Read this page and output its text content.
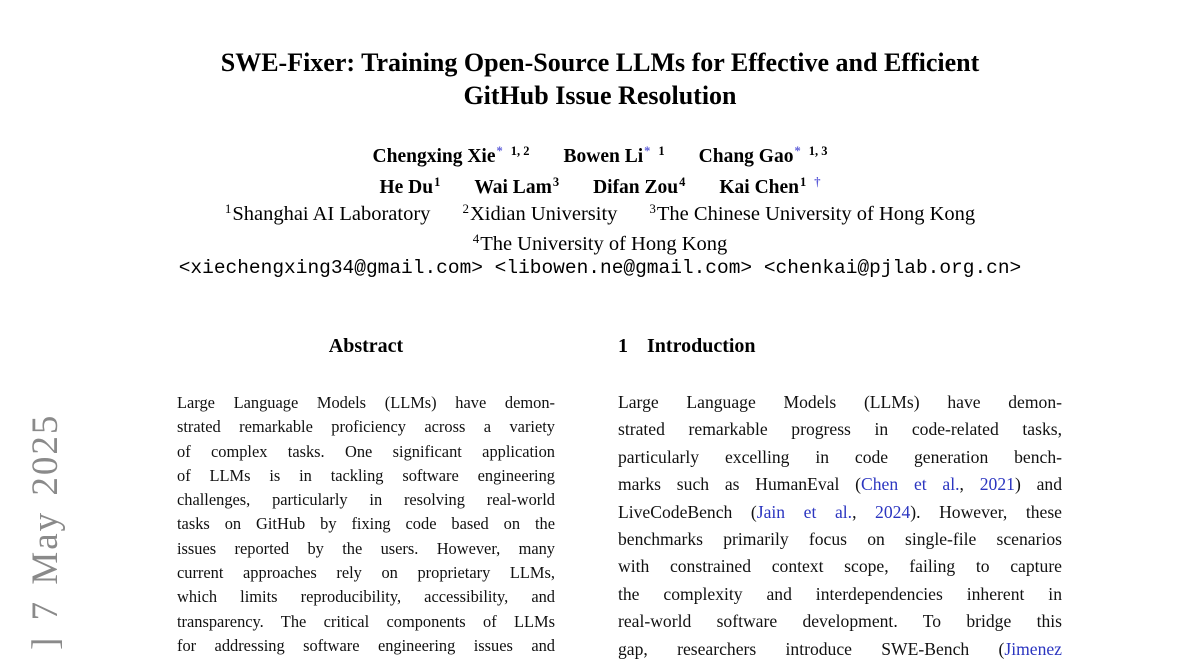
] 7 May 2025
SWE-Fixer: Training Open-Source LLMs for Effective and Efficient
GitHub Issue Resolution
Chengxing Xie* $^{1, 2}$ Bowen Li* $^1$ Chang Gao* $^{1, 3}$
He Du$^1$ Wai Lam$^3$ Difan Zou$^4$ Kai Chen$^1$ †
$^1$Shanghai AI Laboratory $^2$Xidian University $^3$The Chinese University of Hong Kong
$^4$The University of Hong Kong
<xiechengxing34@gmail.com> <libowen.ne@gmail.com> <chenkai@pjlab.org.cn>
Abstract
Large Language Models (LLMs) have demon-
strated remarkable proficiency across a variety
of complex tasks. One significant application
of LLMs is in tackling software engineering
challenges, particularly in resolving real-world
tasks on GitHub by fixing code based on the
issues reported by the users. However, many
current approaches rely on proprietary LLMs,
which limits reproducibility, accessibility, and
transparency. The critical components of LLMs
for addressing software engineering issues and
1 Introduction
Large Language Models (LLMs) have demon-
strated remarkable progress in code-related tasks,
particularly excelling in code generation bench-
marks such as HumanEval (Chen et al., 2021) and
LiveCodeBench (Jain et al., 2024). However, these
benchmarks primarily focus on single-file scenarios
with constrained context scope, failing to capture
the complexity and interdependencies inherent in
real-world software development. To bridge this
gap, researchers introduce SWE-Bench (Jimenez
